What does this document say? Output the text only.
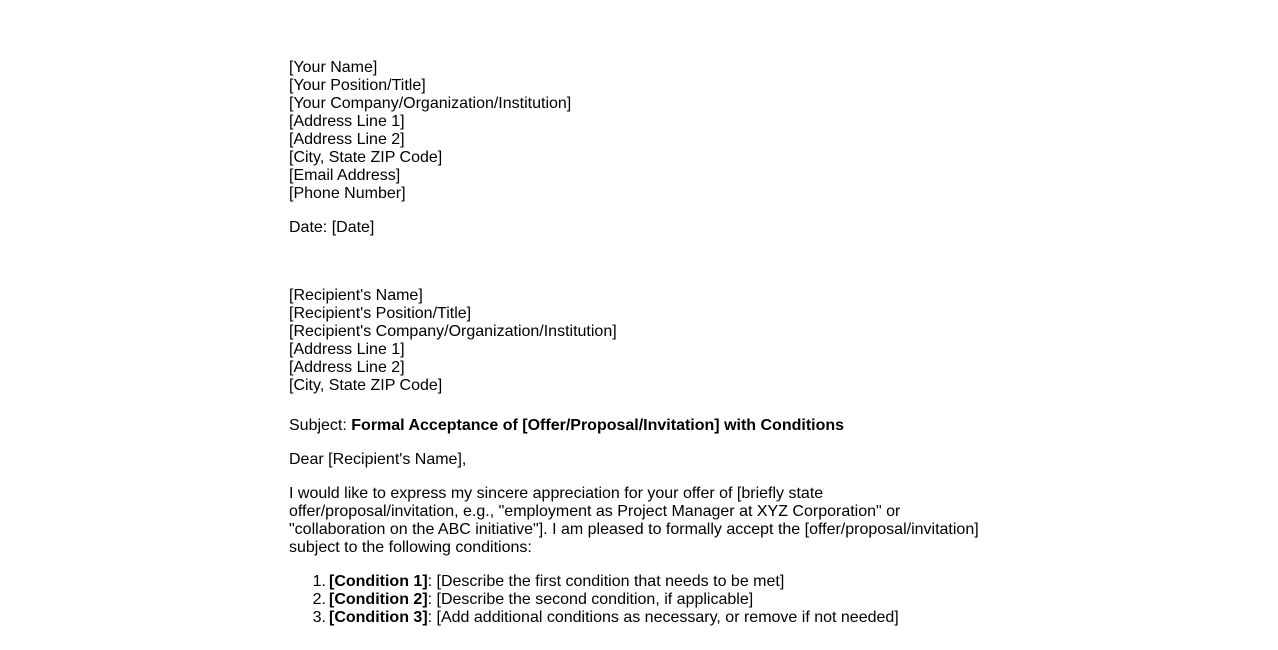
[Your Name]
[Your Position/Title]
[Your Company/Organization/Institution]
[Address Line 1]
[Address Line 2]
[City, State ZIP Code]
[Email Address]
[Phone Number]
Date: [Date]
[Recipient's Name]
[Recipient's Position/Title]
[Recipient's Company/Organization/Institution]
[Address Line 1]
[Address Line 2]
[City, State ZIP Code]
Subject: Formal Acceptance of [Offer/Proposal/Invitation] with Conditions
Dear [Recipient's Name],
I would like to express my sincere appreciation for your offer of [briefly state
offer/proposal/invitation, e.g., "employment as Project Manager at XYZ Corporation" or
"collaboration on the ABC initiative"]. I am pleased to formally accept the [offer/proposal/invitation]
subject to the following conditions:
1. [Condition 1]: [Describe the first condition that needs to be met]
2. [Condition 2]: [Describe the second condition, if applicable]
3. [Condition 3]: [Add additional conditions as necessary, or remove if not needed]
